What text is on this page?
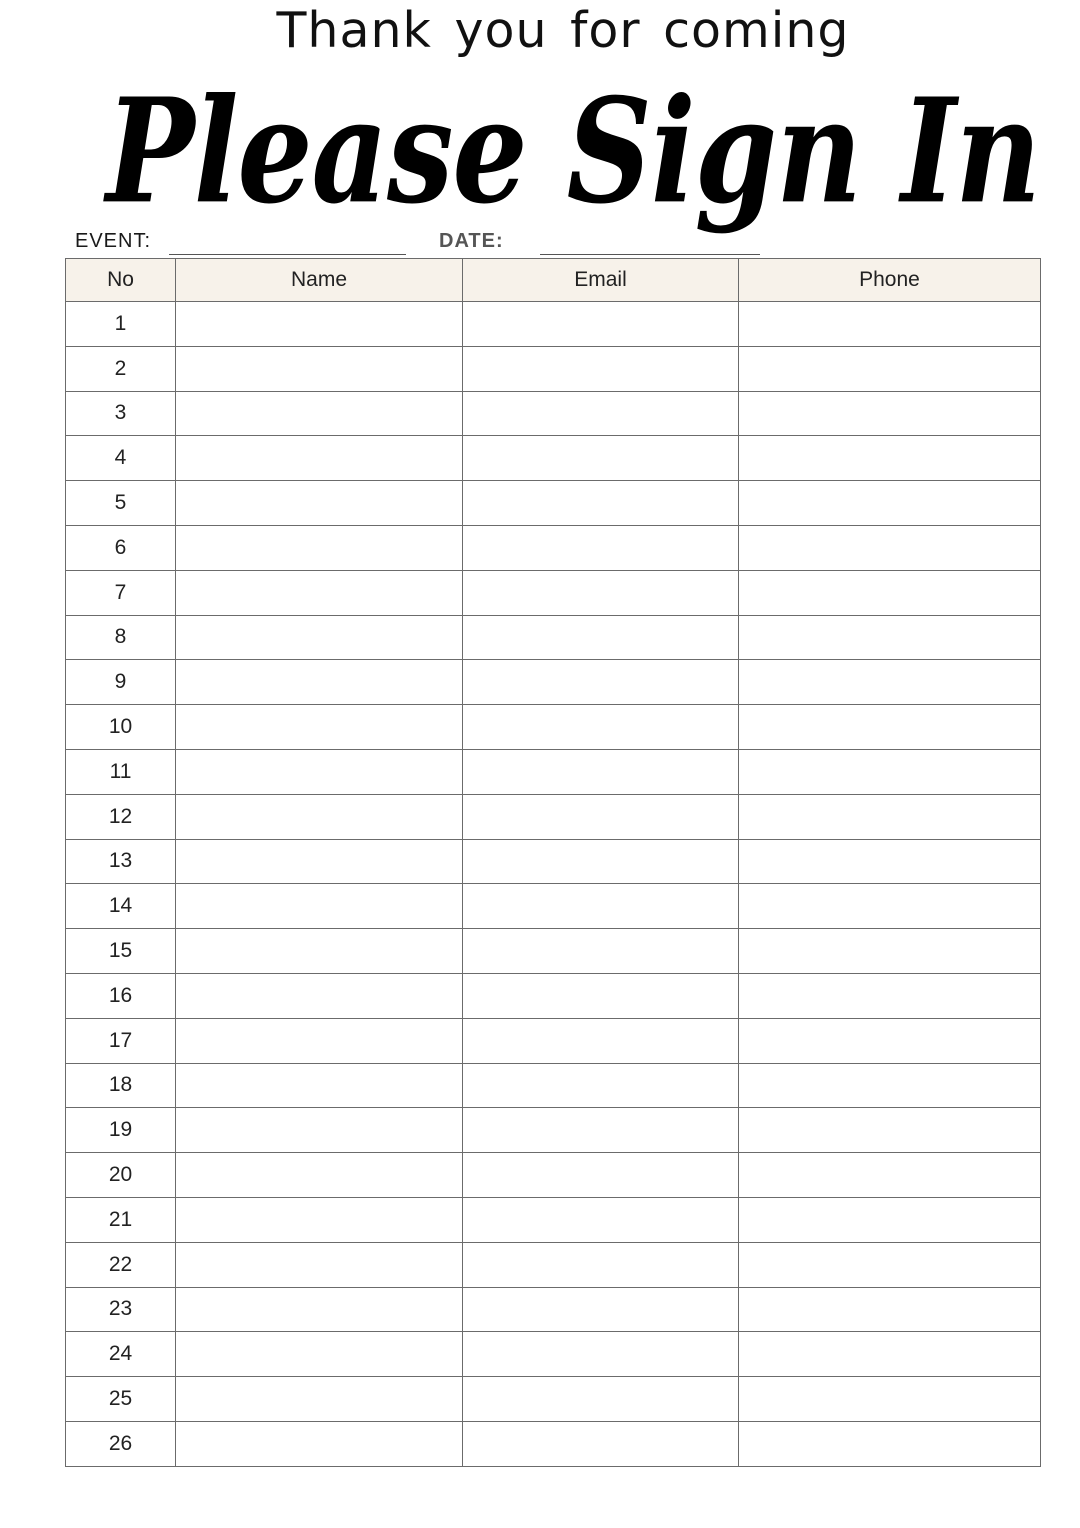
Thank you for coming
Please Sign In
EVENT:	DATE:
No	Name	Email	Phone
1			
2			
3			
4			
5			
6			
7			
8			
9			
10			
11			
12			
13			
14			
15			
16			
17			
18			
19			
20			
21			
22			
23			
24			
25			
26			
